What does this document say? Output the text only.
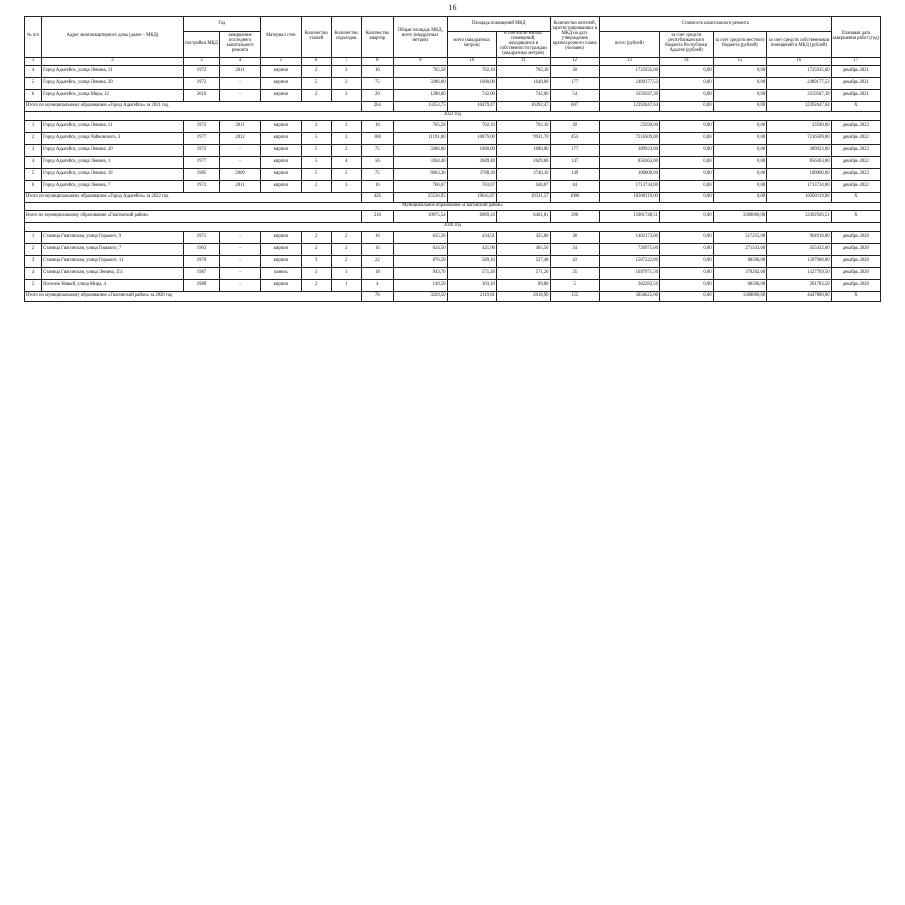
16
№ п/п	Адрес многоквартирного дома (далее – МКД)	Год		Материал стен	Количество этажей	Количество подъездов	Количество квартир	Общая площадь МКД, всего (квадратных метров)	Площадь помещений МКД		Количество жителей, зарегистрированных в МКД на дату утверждения краткосрочного плана (человек)	Стоимость капитального ремонта				Плановая дата завершения работ (год)
		постройки МКД	завершение последнего капитального ремонта						всего (квадратных метров)	в том числе жилых помещений, находящихся в собственности граждан (квадратных метров)		всего (рублей)	за счет средств республиканского бюджета Республики Адыгея (рублей)	за счет средств местного бюджета (рублей)	за счет средств собственников помещений в МКД (рублей)	

1	2	3	4	5	6	7	8	9	10	11	12	13	14	15	16	17
4	Город Адыгейск, улица Ленина, 11	1972	2011	кирпич	2	3	16	765,58	702,10	702,10	30	1725935,60	0,00	0,00	1725935,60	декабрь 2021
5	Город Адыгейск, улица Ленина, 20	1972	-	кирпич	5	2	75	3386,00	1680,00	1648,00	177	2489177,53	0,00	0,00	2489177,53	декабрь 2021
6	Город Адыгейск, улица Мира, 12	2010	-	кирпич	2	3	20	1280,00	742,00	742,00	54	3359587,39	0,00	0,00	3359587,39	декабрь 2021
Итого по муниципальному образованию «Город Адыгейск» за 2021 год							264	13353,75	10479,47	10392,47	607	12392647,64	0,00	0,00	12392647,64	Х
2022 год																
1	Город Адыгейск, улица Ленина, 11	1972	2011	кирпич	2	3	16	765,58	702,10	702,10	30	23590,00	0,00	0,00	23590,00	декабрь 2022
2	Город Адыгейск, улица Чайковского, 3	1977	2012	кирпич	5	2	188	11191,00	10079,00	9931,70	453	7216509,00	0,00	0,00	7216509,00	декабрь 2022
3	Город Адыгейск, улица Ленина, 20	1972	-	кирпич	5	2	75	3386,00	1680,00	1680,00	177	389923,00	0,00	0,00	389923,00	декабрь 2022
4	Город Адыгейск, улица Ленина, 1	1977	-	кирпич	5	4	56	3364,40	2689,40	2629,60	147	856363,00	0,00	0,00	856363,00	декабрь 2022
5	Город Адыгейск, улица Ленина, 18	1985	2009	кирпич	5	5	75	6063,30	3788,30	3740,10	149	100000,00	0,00	0,00	100000,00	декабрь 2022
6	Город Адыгейск, улица Ленина, 7	1972	2011	кирпич	2	3	16	766,67	703,07	648,07	44	1713734,00	0,00	0,00	1713734,00	декабрь 2022
Итого по муниципальному образованию «Город Адыгейск» за 2022 год							426	25536,95	19641,87	19331,57	1000	10300119,00	0,00	0,00	10300119,00	Х
Муниципальное образование «Гиагинский район»																
Всего по муниципальному образованию «Гиагинский район»							218	10975,54	6989,24	6461,81	396	15901748,51	0,00	3300000,00	12492926,51	Х
2020 год																
1	Станица Гиагинская, улица Горького, 9	1971	-	кирпич	2	2	16	635,30	434,51	425,00	38	1482173,00	0,00	517255,00	964918,00	декабрь 2020
2	Станица Гиагинская, улица Горького, 7	1963	-	кирпич	2	2	16	624,50	421,90	405,50	34	726975,00	0,00	271543,00	455432,00	декабрь 2020
3	Станица Гиагинская, улица Горького, 11	1970	-	кирпич	3	2	22	876,50	589,10	527,40	43	1587222,00	0,00	80500,00	1397900,00	декабрь 2020
4	Станица Гиагинская, улица Ленина, 351	1987	-	панель	3	3	18	943,70	571,20	571,20	35	1697971,50	0,00	370202,00	1327769,50	декабрь 2020
5	Поселок Новый, улица Мира, 4	1980	-	кирпич	2	1	4	149,50	103,10	89,80	5	362283,50	0,00	60500,00	301783,50	декабрь 2020
Итого по муниципальному образованию «Гиагинский район» за 2020 год							76	3229,50	2119,81	2018,90	155	5856625,00	0,00	1300000,00	4447800,00	Х
